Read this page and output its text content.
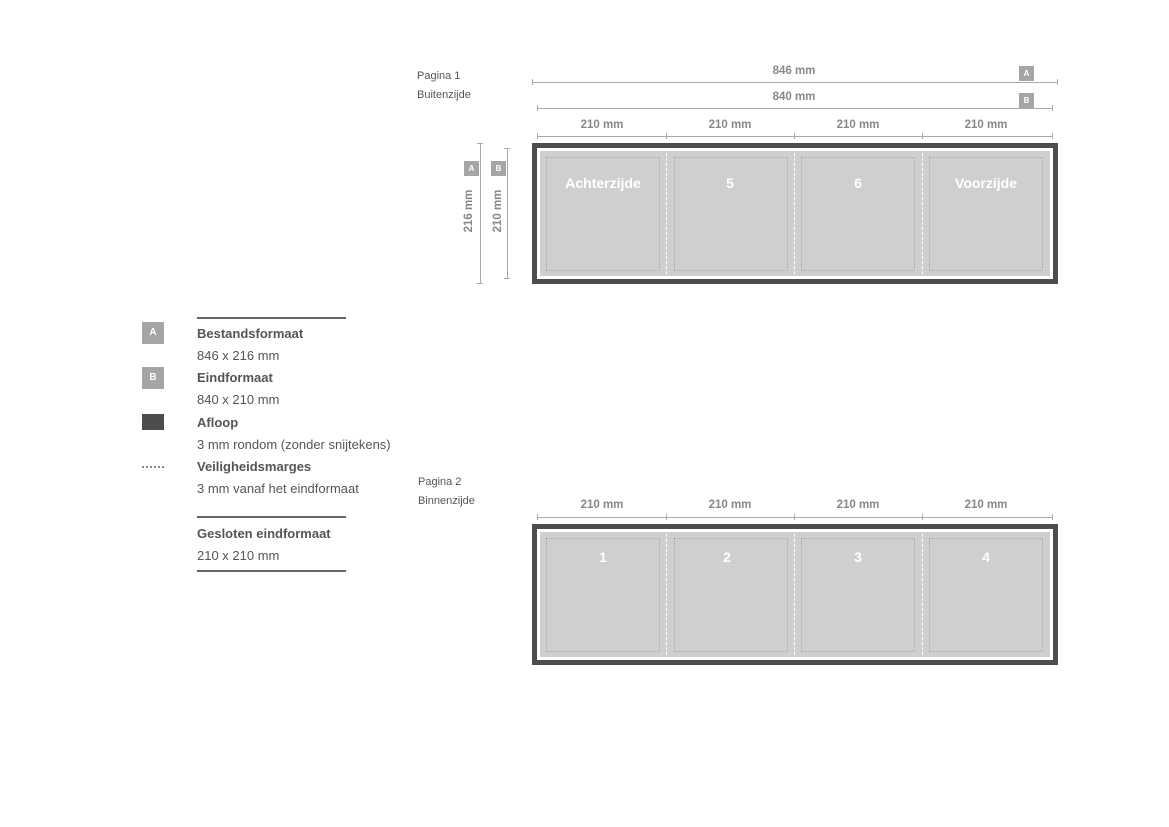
Pagina 1
Buitenzijde
846 mm	A
840 mm	B
210 mm	210 mm	210 mm	210 mm
A
216 mm
B
210 mm
Achterzijde	5	6	Voorzijde
A	Bestandsformaat
846 x 216 mm
B	Eindformaat
840 x 210 mm
Afloop
3 mm rondom (zonder snijtekens)
Veiligheidsmarges
3 mm vanaf het eindformaat
Gesloten eindformaat
210 x 210 mm
Pagina 2
Binnenzijde	210 mm	210 mm	210 mm	210 mm
1	2	3	4
